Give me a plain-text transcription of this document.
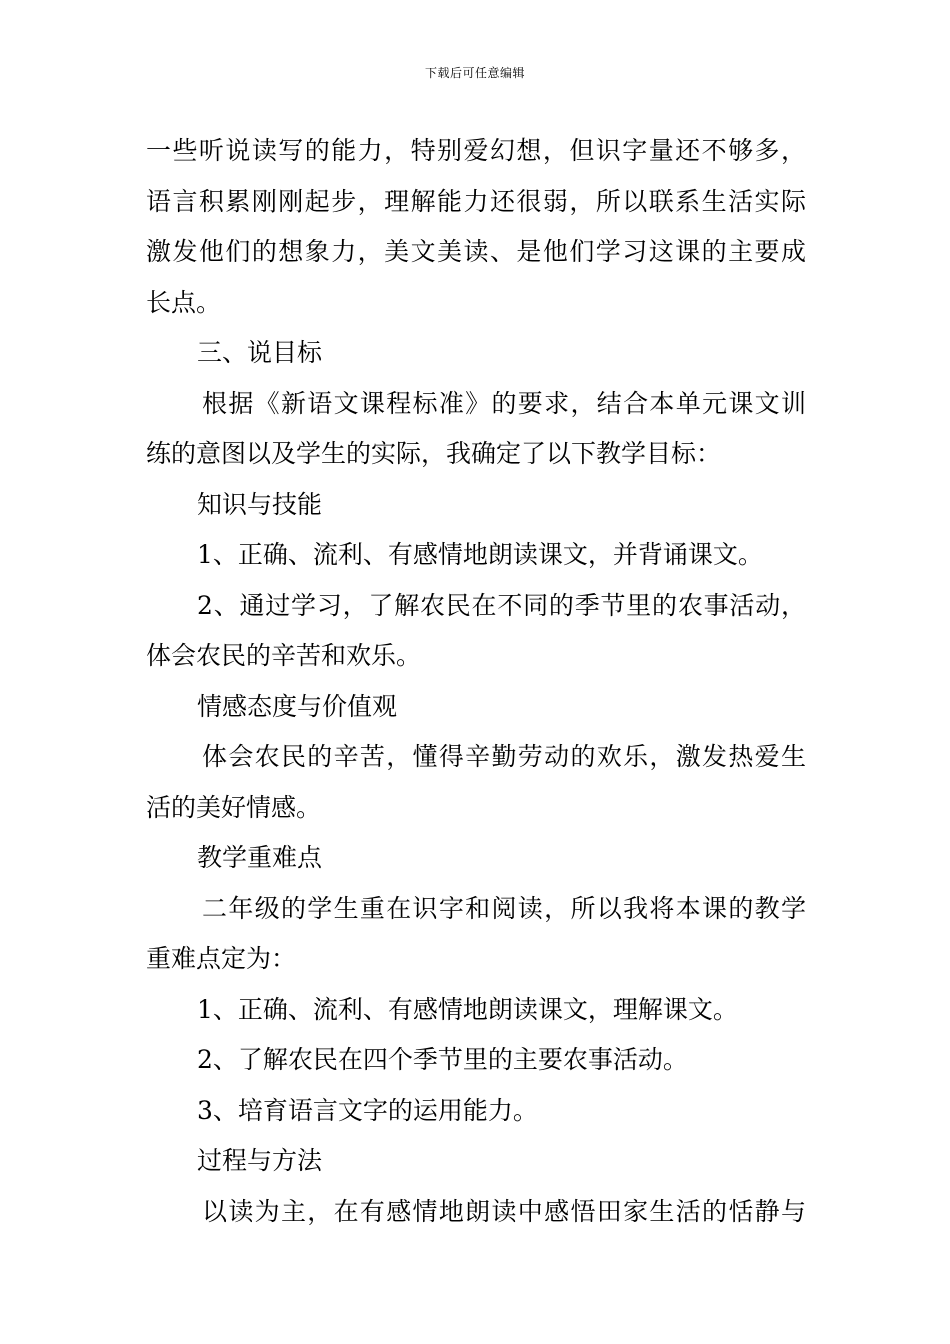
下载后可任意编辑
一些听说读写的能力，特别爱幻想，但识字量还不够多，
语言积累刚刚起步，理解能力还很弱，所以联系生活实际
激发他们的想象力，美文美读、是他们学习这课的主要成
长点。
三、说目标
根据《新语文课程标准》的要求，结合本单元课文训
练的意图以及学生的实际，我确定了以下教学目标：
知识与技能
1、正确、流利、有感情地朗读课文，并背诵课文。
2、通过学习，了解农民在不同的季节里的农事活动，
体会农民的辛苦和欢乐。
情感态度与价值观
体会农民的辛苦，懂得辛勤劳动的欢乐，激发热爱生
活的美好情感。
教学重难点
二年级的学生重在识字和阅读，所以我将本课的教学
重难点定为：
1、正确、流利、有感情地朗读课文，理解课文。
2、了解农民在四个季节里的主要农事活动。
3、培育语言文字的运用能力。
过程与方法
以读为主，在有感情地朗读中感悟田家生活的恬静与
